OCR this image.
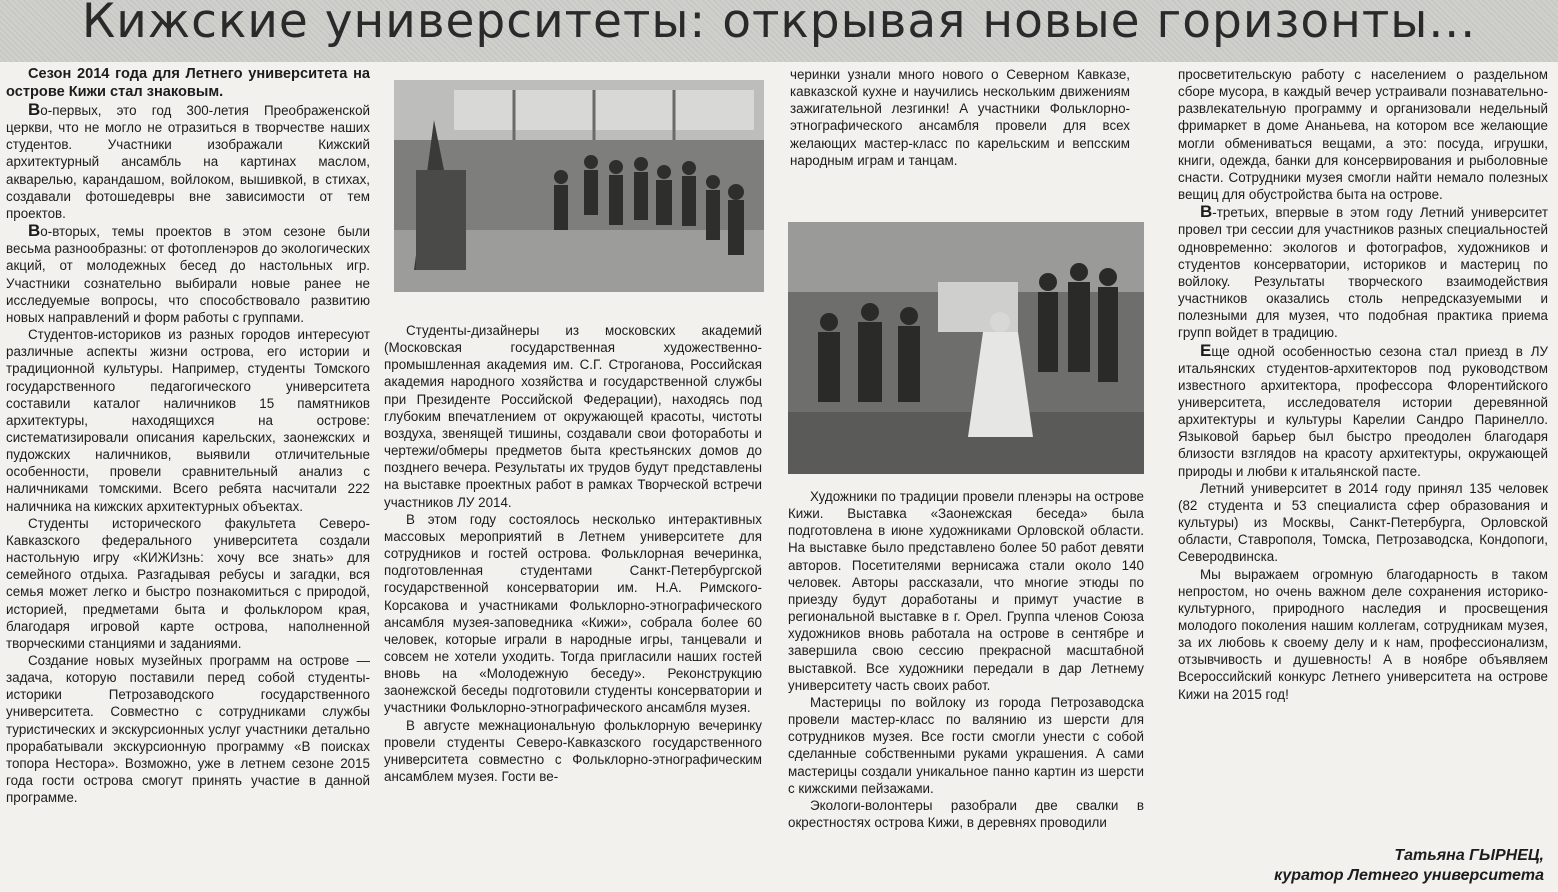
Кижские университеты: открывая новые горизонты...

Сезон 2014 года для Летнего университета на острове Кижи стал знаковым.

Во-первых, это год 300-летия Преображенской церкви, что не могло не отразиться в творчестве наших студентов. Участники изображали Кижский архитектурный ансамбль на картинах маслом, акварелью, карандашом, войлоком, вышивкой, в стихах, создавали фотошедевры вне зависимости от тем проектов.

Во-вторых, темы проектов в этом сезоне были весьма разнообразны: от фотопленэров до экологических акций, от молодежных бесед до настольных игр. Участники сознательно выбирали новые ранее не исследуемые вопросы, что способствовало развитию новых направлений и форм работы с группами.

Студентов-историков из разных городов интересуют различные аспекты жизни острова, его истории и традиционной культуры. Например, студенты Томского государственного педагогического университета составили каталог наличников 15 памятников архитектуры, находящихся на острове: систематизировали описания карельских, заонежских и пудожских наличников, выявили отличительные особенности, провели сравнительный анализ с наличниками томскими. Всего ребята насчитали 222 наличника на кижских архитектурных объектах.

Студенты исторического факультета Северо-Кавказского федерального университета создали настольную игру «КИЖИзнь: хочу все знать» для семейного отдыха. Разгадывая ребусы и загадки, вся семья может легко и быстро познакомиться с природой, историей, предметами быта и фольклором края, благодаря игровой карте острова, наполненной творческими станциями и заданиями.

Создание новых музейных программ на острове — задача, которую поставили перед собой студенты-историки Петрозаводского государственного университета. Совместно с сотрудниками службы туристических и экскурсионных услуг участники детально прорабатывали экскурсионную программу «В поисках топора Нестора». Возможно, уже в летнем сезоне 2015 года гости острова смогут принять участие в данной программе.

Студенты-дизайнеры из московских академий (Московская государственная художественно-промышленная академия им. С.Г. Строганова, Российская академия народного хозяйства и государственной службы при Президенте Российской Федерации), находясь под глубоким впечатлением от окружающей красоты, чистоты воздуха, звенящей тишины, создавали свои фотоработы и чертежи/обмеры предметов быта крестьянских домов до позднего вечера. Результаты их трудов будут представлены на выставке проектных работ в рамках Творческой встречи участников ЛУ 2014.

В этом году состоялось несколько интерактивных массовых мероприятий в Летнем университете для сотрудников и гостей острова. Фольклорная вечеринка, подготовленная студентами Санкт-Петербургской государственной консерватории им. Н.А. Римского-Корсакова и участниками Фольклорно-этнографического ансамбля музея-заповедника «Кижи», собрала более 60 человек, которые играли в народные игры, танцевали и совсем не хотели уходить. Тогда пригласили наших гостей вновь на «Молодежную беседу». Реконструкцию заонежской беседы подготовили студенты консерватории и участники Фольклорно-этнографического ансамбля музея.

В августе межнациональную фольклорную вечеринку провели студенты Северо-Кавказского государственного университета совместно с Фольклорно-этнографическим ансамблем музея. Гости ве-

черинки узнали много нового о Северном Кавказе, кавказской кухне и научились нескольким движениям зажигательной лезгинки! А участники Фольклорно-этнографического ансамбля провели для всех желающих мастер-класс по карельским и вепсским народным играм и танцам.

Художники по традиции провели пленэры на острове Кижи. Выставка «Заонежская беседа» была подготовлена в июне художниками Орловской области. На выставке было представлено более 50 работ девяти авторов. Посетителями вернисажа стали около 140 человек. Авторы рассказали, что многие этюды по приезду будут доработаны и примут участие в региональной выставке в г. Орел. Группа членов Союза художников вновь работала на острове в сентябре и завершила свою сессию прекрасной масштабной выставкой. Все художники передали в дар Летнему университету часть своих работ.

Мастерицы по войлоку из города Петрозаводска провели мастер-класс по валянию из шерсти для сотрудников музея. Все гости смогли унести с собой сделанные собственными руками украшения. А сами мастерицы создали уникальное панно картин из шерсти с кижскими пейзажами.

Экологи-волонтеры разобрали две свалки в окрестностях острова Кижи, в деревнях проводили

просветительскую работу с населением о раздельном сборе мусора, в каждый вечер устраивали познавательно-развлекательную программу и организовали недельный фримаркет в доме Ананьева, на котором все желающие могли обмениваться вещами, а это: посуда, игрушки, книги, одежда, банки для консервирования и рыболовные снасти. Сотрудники музея смогли найти немало полезных вещиц для обустройства быта на острове.

В-третьих, впервые в этом году Летний университет провел три сессии для участников разных специальностей одновременно: экологов и фотографов, художников и студентов консерватории, историков и мастериц по войлоку. Результаты творческого взаимодействия участников оказались столь непредсказуемыми и полезными для музея, что подобная практика приема групп войдет в традицию.

Еще одной особенностью сезона стал приезд в ЛУ итальянских студентов-архитекторов под руководством известного архитектора, профессора Флорентийского университета, исследователя истории деревянной архитектуры и культуры Карелии Сандро Паринелло. Языковой барьер был быстро преодолен благодаря близости взглядов на красоту архитектуры, окружающей природы и любви к итальянской пасте.

Летний университет в 2014 году принял 135 человек (82 студента и 53 специалиста сфер образования и культуры) из Москвы, Санкт-Петербурга, Орловской области, Ставрополя, Томска, Петрозаводска, Кондопоги, Северодвинска.

Мы выражаем огромную благодарность в таком непростом, но очень важном деле сохранения историко-культурного, природного наследия и просвещения молодого поколения нашим коллегам, сотрудникам музея, за их любовь к своему делу и к нам, профессионализм, отзывчивость и душевность! А в ноябре объявляем Всероссийский конкурс Летнего университета на острове Кижи на 2015 год!

Татьяна ГЫРНЕЦ,
куратор Летнего университета
